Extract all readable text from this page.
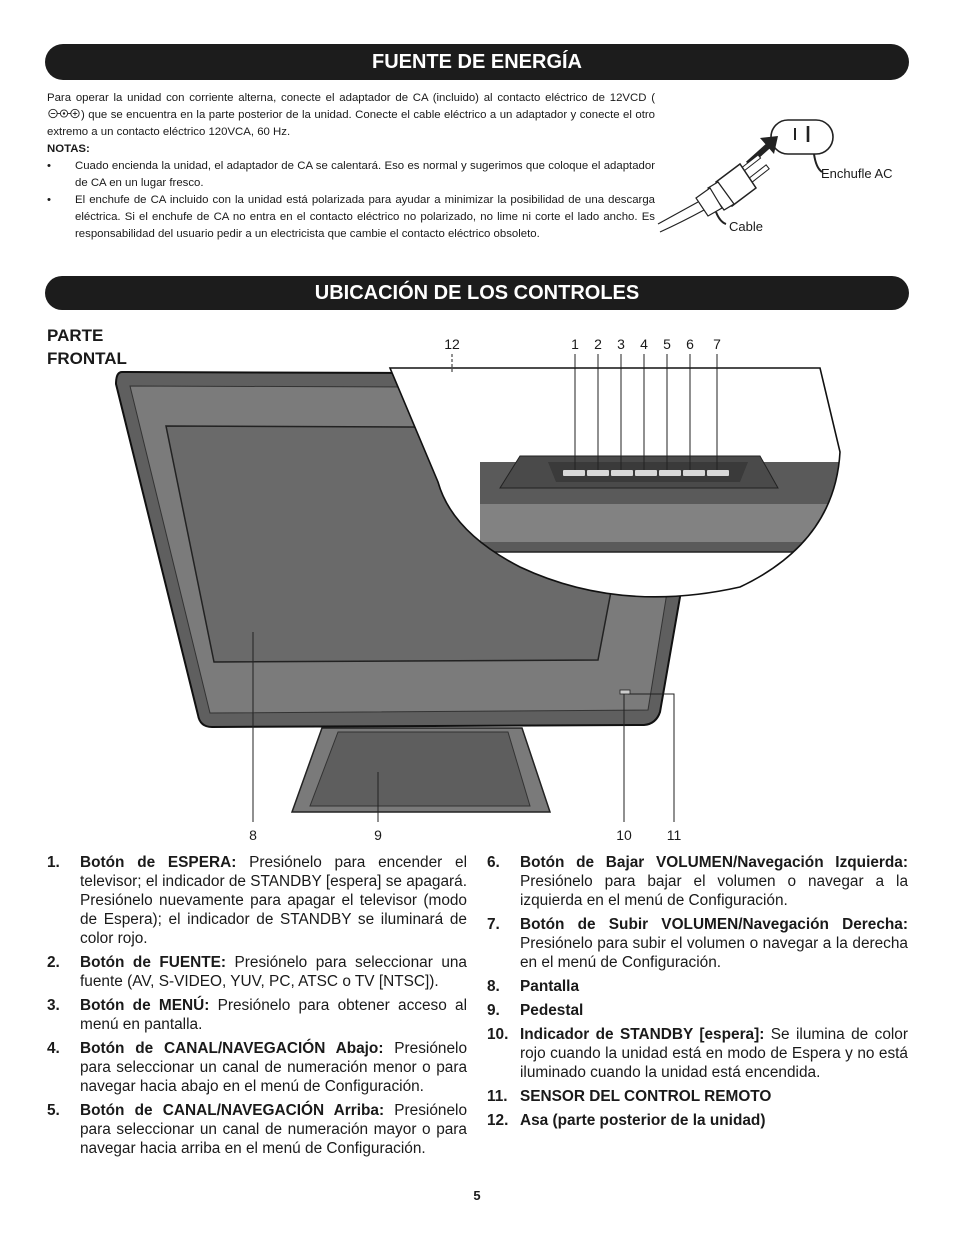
FUENTE DE ENERGÍA

Para operar la unidad con corriente alterna, conecte el adaptador de CA (incluido) al contacto eléctrico de 12VCD () que se encuentra en la parte posterior de la unidad. Conecte el cable eléctrico a un adaptador y conecte el otro extremo a un contacto eléctrico 120VCA, 60 Hz.

NOTAS:

• Cuado encienda la unidad, el adaptador de CA se calentará. Eso es normal y sugerimos que coloque el adaptador de CA en un lugar fresco.
• El enchufe de CA incluido con la unidad está polarizada para ayudar a minimizar la posibilidad de una descarga eléctrica. Si el enchufe de CA no entra en el contacto eléctrico no polarizado, no lime ni corte el lado ancho. Es responsabilidad del usuario pedir a un electricista que cambie el contacto eléctrico obsoleto.
Enchufle AC
Cable
UBICACIÓN DE LOS CONTROLES
PARTE
FRONTAL
12	1 2 3 4 5 6 7
8	9	10 11
1. Botón de ESPERA: Presiónelo para encender el televisor; el indicador de STANDBY [espera] se apagará. Presiónelo nuevamente para apagar el televisor (modo de Espera); el indicador de STANDBY se iluminará de color rojo.
2. Botón de FUENTE: Presiónelo para seleccionar una fuente (AV, S-VIDEO, YUV, PC, ATSC o TV [NTSC]).
3. Botón de MENÚ: Presiónelo para obtener acceso al menú en pantalla.
4. Botón de CANAL/NAVEGACIÓN Abajo: Presiónelo para seleccionar un canal de numeración menor o para navegar hacia abajo en el menú de Configuración.
5. Botón de CANAL/NAVEGACIÓN Arriba: Presiónelo para seleccionar un canal de numeración mayor o para navegar hacia arriba en el menú de Configuración.
6. Botón de Bajar VOLUMEN/Navegación Izquierda: Presiónelo para bajar el volumen o navegar a la izquierda en el menú de Configuración.
7. Botón de Subir VOLUMEN/Navegación Derecha: Presiónelo para subir el volumen o navegar a la derecha en el menú de Configuración.
8. Pantalla
9. Pedestal
10. Indicador de STANDBY [espera]: Se ilumina de color rojo cuando la unidad está en modo de Espera y no está iluminado cuando la unidad está encendida.
11. SENSOR DEL CONTROL REMOTO
12. Asa (parte posterior de la unidad)
5
